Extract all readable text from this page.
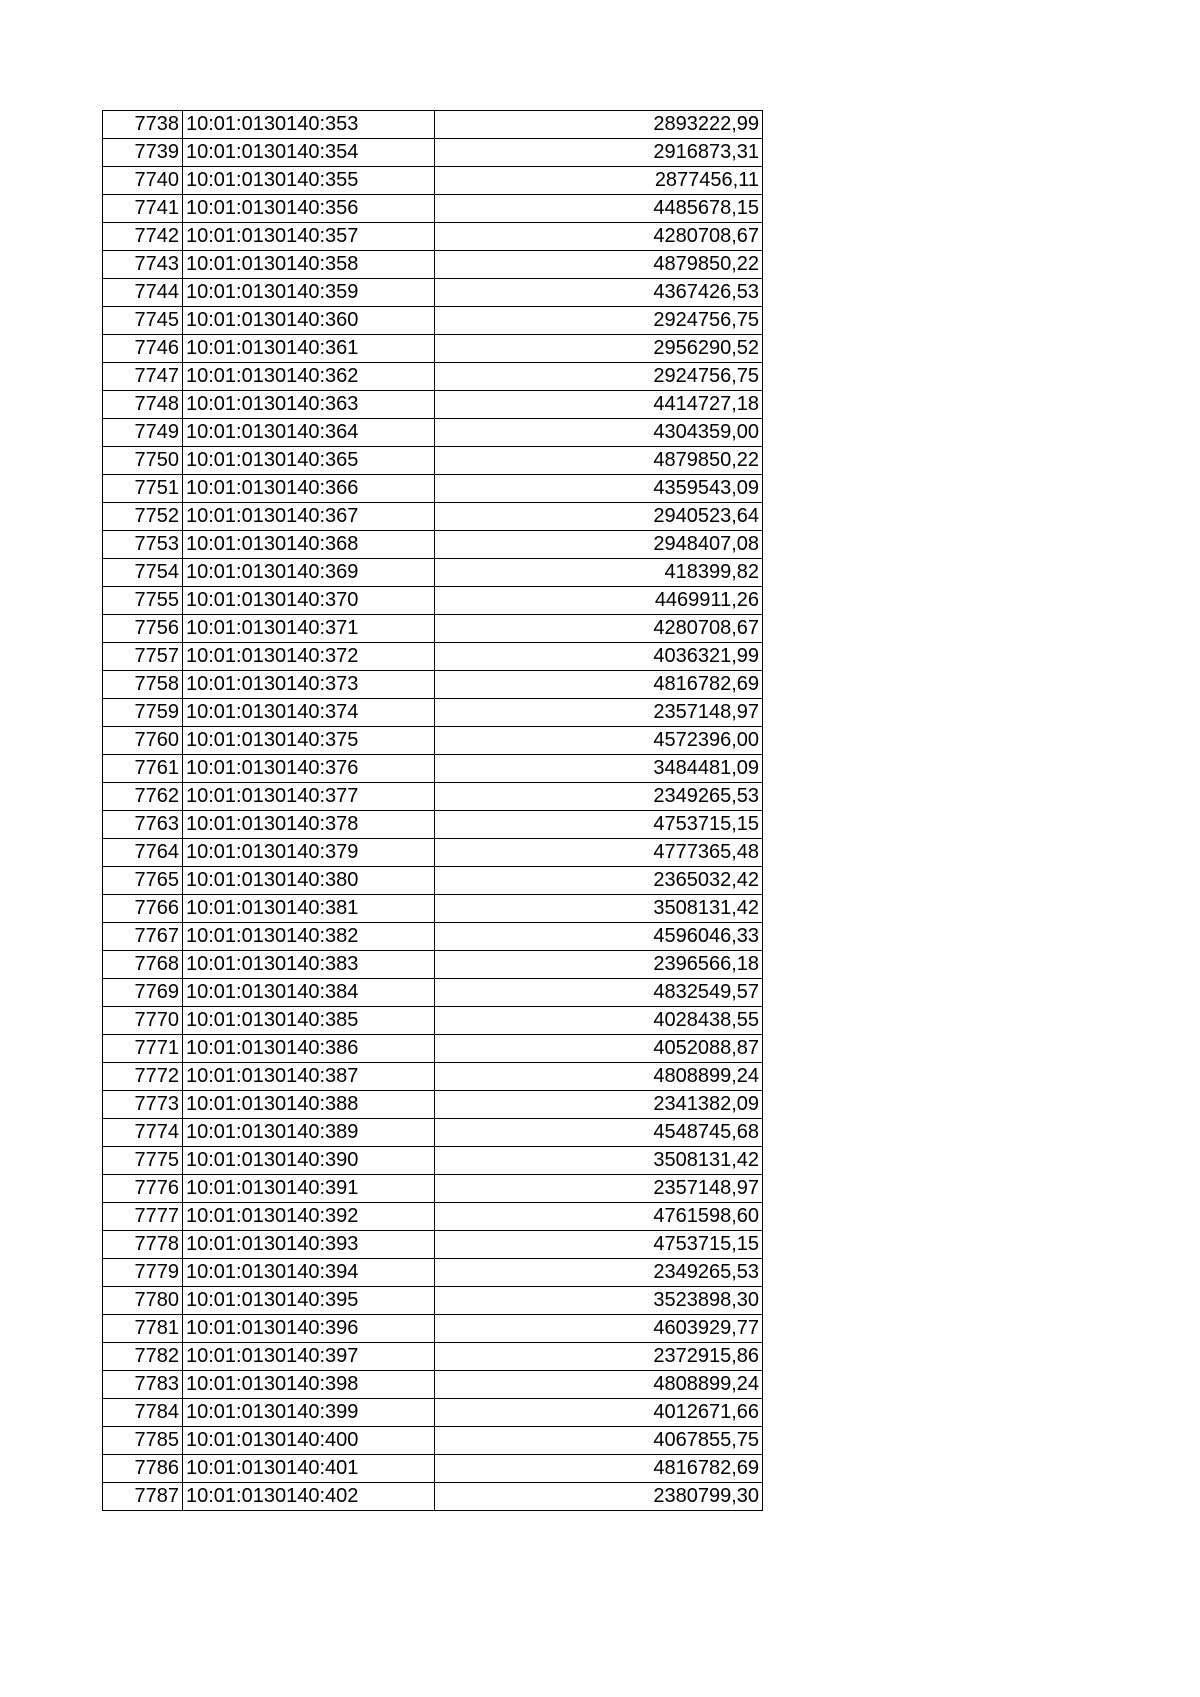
7738	10:01:0130140:353	2893222,99
7739	10:01:0130140:354	2916873,31
7740	10:01:0130140:355	2877456,11
7741	10:01:0130140:356	4485678,15
7742	10:01:0130140:357	4280708,67
7743	10:01:0130140:358	4879850,22
7744	10:01:0130140:359	4367426,53
7745	10:01:0130140:360	2924756,75
7746	10:01:0130140:361	2956290,52
7747	10:01:0130140:362	2924756,75
7748	10:01:0130140:363	4414727,18
7749	10:01:0130140:364	4304359,00
7750	10:01:0130140:365	4879850,22
7751	10:01:0130140:366	4359543,09
7752	10:01:0130140:367	2940523,64
7753	10:01:0130140:368	2948407,08
7754	10:01:0130140:369	418399,82
7755	10:01:0130140:370	4469911,26
7756	10:01:0130140:371	4280708,67
7757	10:01:0130140:372	4036321,99
7758	10:01:0130140:373	4816782,69
7759	10:01:0130140:374	2357148,97
7760	10:01:0130140:375	4572396,00
7761	10:01:0130140:376	3484481,09
7762	10:01:0130140:377	2349265,53
7763	10:01:0130140:378	4753715,15
7764	10:01:0130140:379	4777365,48
7765	10:01:0130140:380	2365032,42
7766	10:01:0130140:381	3508131,42
7767	10:01:0130140:382	4596046,33
7768	10:01:0130140:383	2396566,18
7769	10:01:0130140:384	4832549,57
7770	10:01:0130140:385	4028438,55
7771	10:01:0130140:386	4052088,87
7772	10:01:0130140:387	4808899,24
7773	10:01:0130140:388	2341382,09
7774	10:01:0130140:389	4548745,68
7775	10:01:0130140:390	3508131,42
7776	10:01:0130140:391	2357148,97
7777	10:01:0130140:392	4761598,60
7778	10:01:0130140:393	4753715,15
7779	10:01:0130140:394	2349265,53
7780	10:01:0130140:395	3523898,30
7781	10:01:0130140:396	4603929,77
7782	10:01:0130140:397	2372915,86
7783	10:01:0130140:398	4808899,24
7784	10:01:0130140:399	4012671,66
7785	10:01:0130140:400	4067855,75
7786	10:01:0130140:401	4816782,69
7787	10:01:0130140:402	2380799,30
